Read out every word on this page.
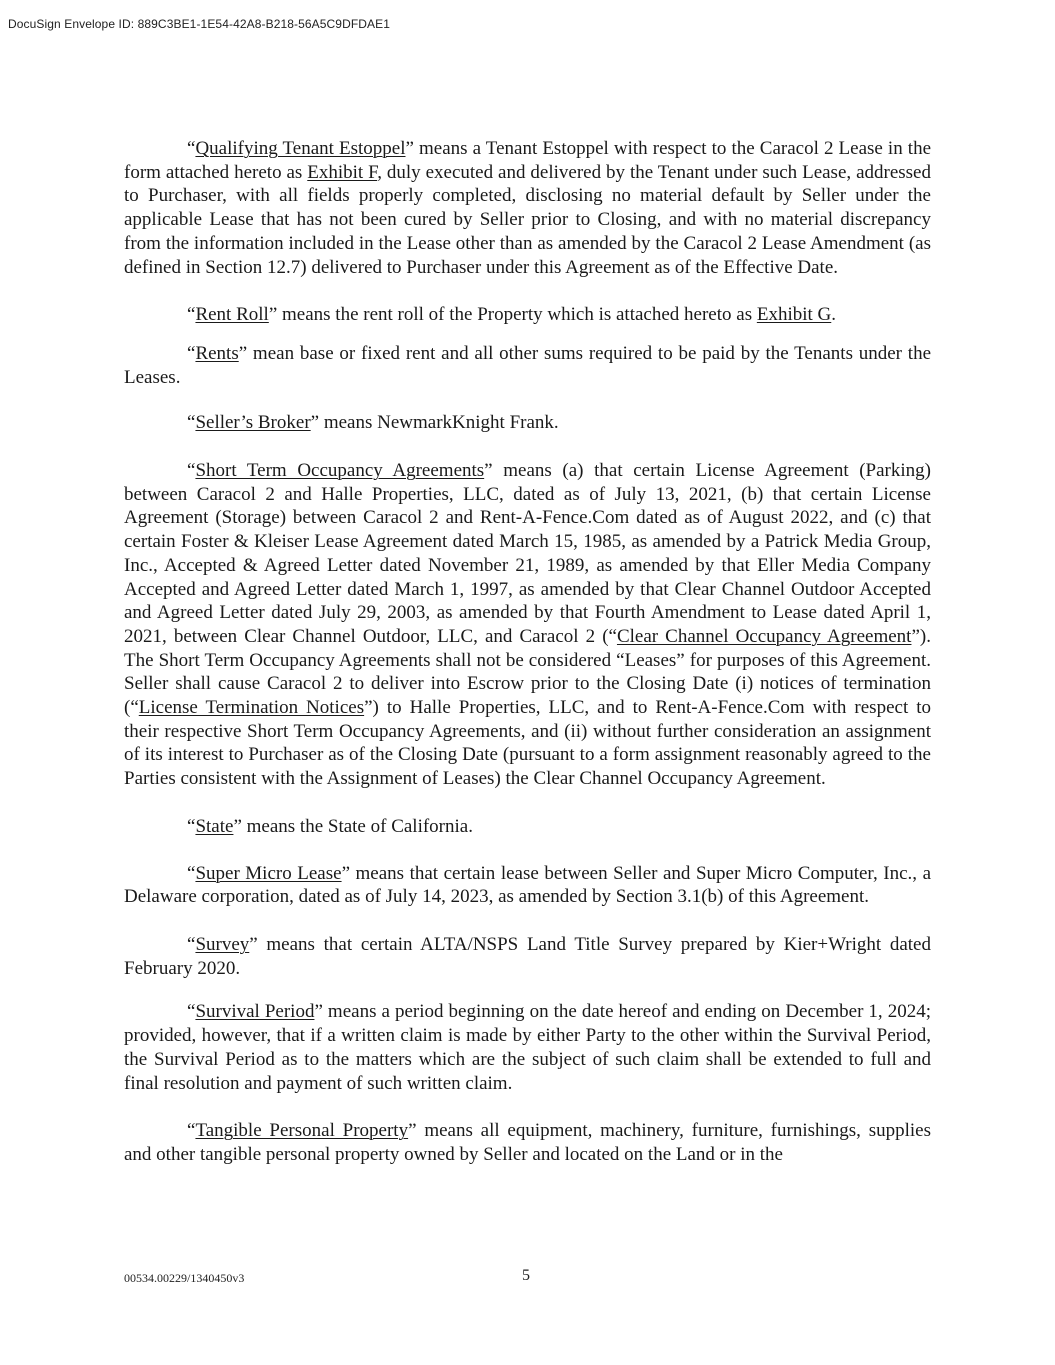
DocuSign Envelope ID: 889C3BE1-1E54-42A8-B218-56A5C9DFDAE1

“Qualifying Tenant Estoppel” means a Tenant Estoppel with respect to the Caracol 2 Lease in the form attached hereto as Exhibit F, duly executed and delivered by the Tenant under such Lease, addressed to Purchaser, with all fields properly completed, disclosing no material default by Seller under the applicable Lease that has not been cured by Seller prior to Closing, and with no material discrepancy from the information included in the Lease other than as amended by the Caracol 2 Lease Amendment (as defined in Section 12.7) delivered to Purchaser under this Agreement as of the Effective Date.

“Rent Roll” means the rent roll of the Property which is attached hereto as Exhibit G.

“Rents” mean base or fixed rent and all other sums required to be paid by the Tenants under the Leases.

“Seller’s Broker” means NewmarkKnight Frank.

“Short Term Occupancy Agreements” means (a) that certain License Agreement (Parking) between Caracol 2 and Halle Properties, LLC, dated as of July 13, 2021, (b) that certain License Agreement (Storage) between Caracol 2 and Rent-A-Fence.Com dated as of August 2022, and (c) that certain Foster & Kleiser Lease Agreement dated March 15, 1985, as amended by a Patrick Media Group, Inc., Accepted & Agreed Letter dated November 21, 1989, as amended by that Eller Media Company Accepted and Agreed Letter dated March 1, 1997, as amended by that Clear Channel Outdoor Accepted and Agreed Letter dated July 29, 2003, as amended by that Fourth Amendment to Lease dated April 1, 2021, between Clear Channel Outdoor, LLC, and Caracol 2 (“Clear Channel Occupancy Agreement”). The Short Term Occupancy Agreements shall not be considered “Leases” for purposes of this Agreement. Seller shall cause Caracol 2 to deliver into Escrow prior to the Closing Date (i) notices of termination (“License Termination Notices”) to Halle Properties, LLC, and to Rent-A-Fence.Com with respect to their respective Short Term Occupancy Agreements, and (ii) without further consideration an assignment of its interest to Purchaser as of the Closing Date (pursuant to a form assignment reasonably agreed to the Parties consistent with the Assignment of Leases) the Clear Channel Occupancy Agreement.

“State” means the State of California.

“Super Micro Lease” means that certain lease between Seller and Super Micro Computer, Inc., a Delaware corporation, dated as of July 14, 2023, as amended by Section 3.1(b) of this Agreement.

“Survey” means that certain ALTA/NSPS Land Title Survey prepared by Kier+Wright dated February 2020.

“Survival Period” means a period beginning on the date hereof and ending on December 1, 2024; provided, however, that if a written claim is made by either Party to the other within the Survival Period, the Survival Period as to the matters which are the subject of such claim shall be extended to full and final resolution and payment of such written claim.

“Tangible Personal Property” means all equipment, machinery, furniture, furnishings, supplies and other tangible personal property owned by Seller and located on the Land or in the

00534.00229/1340450v3	5
